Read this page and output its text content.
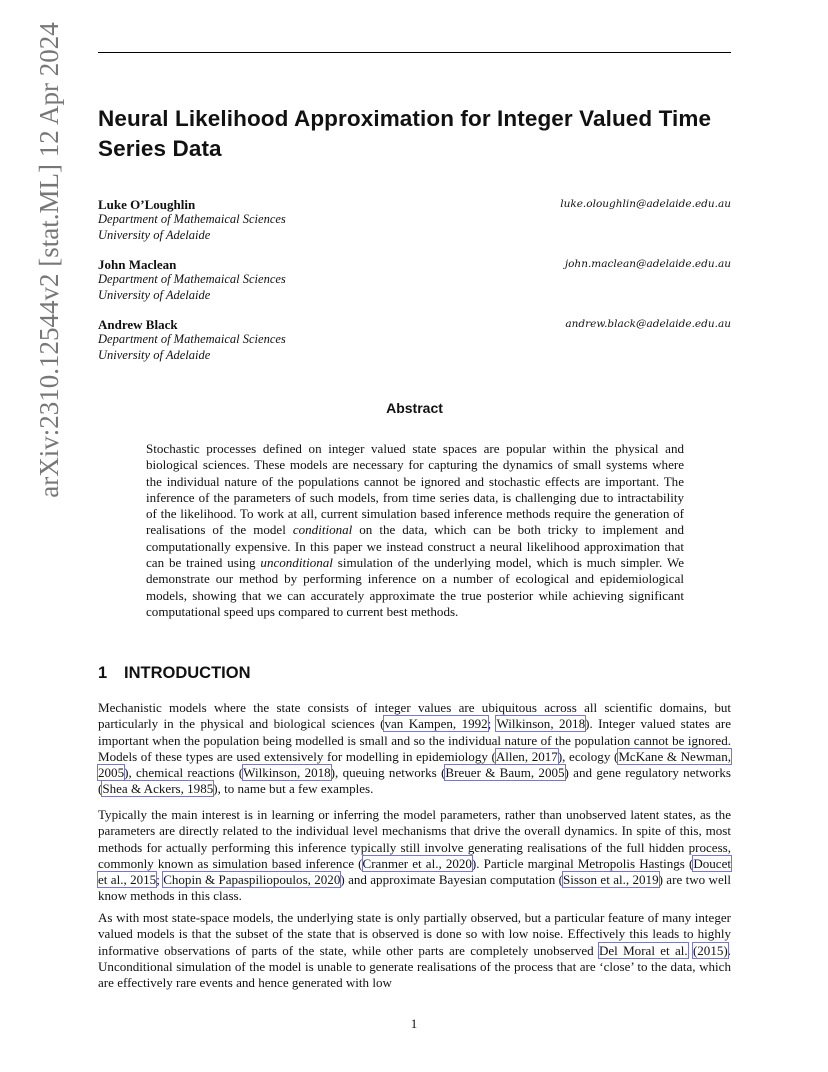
arXiv:2310.12544v2 [stat.ML] 12 Apr 2024 Neural Likelihood Approximation for Integer Valued Time Series Data
Luke O’Loughlin	luke.oloughlin@adelaide.edu.au
Department of Mathemaical Sciences
University of Adelaide
John Maclean	john.maclean@adelaide.edu.au
Department of Mathemaical Sciences
University of Adelaide
Andrew Black	andrew.black@adelaide.edu.au
Department of Mathemaical Sciences
University of Adelaide
Abstract
Stochastic processes defined on integer valued state spaces are popular within the physical and biological sciences. These models are necessary for capturing the dynamics of small systems where the individual nature of the populations cannot be ignored and stochastic effects are important. The inference of the parameters of such models, from time series data, is challenging due to intractability of the likelihood. To work at all, current simulation based inference methods require the generation of realisations of the model conditional on the data, which can be both tricky to implement and computationally expensive. In this paper we instead construct a neural likelihood approximation that can be trained using unconditional simulation of the underlying model, which is much simpler. We demonstrate our method by performing inference on a number of ecological and epidemiological models, showing that we can accurately approximate the true posterior while achieving significant computational speed ups compared to current best methods.
1 INTRODUCTION
Mechanistic models where the state consists of integer values are ubiquitous across all scientific domains, but particularly in the physical and biological sciences (van Kampen, 1992; Wilkinson, 2018). Integer valued states are important when the population being modelled is small and so the individual nature of the population cannot be ignored. Models of these types are used extensively for modelling in epidemiology (Allen, 2017), ecology (McKane & Newman, 2005), chemical reactions (Wilkinson, 2018), queuing networks (Breuer & Baum, 2005) and gene regulatory networks (Shea & Ackers, 1985), to name but a few examples.
Typically the main interest is in learning or inferring the model parameters, rather than unobserved latent states, as the parameters are directly related to the individual level mechanisms that drive the overall dynamics. In spite of this, most methods for actually performing this inference typically still involve generating realisations of the full hidden process, commonly known as simulation based inference (Cranmer et al., 2020). Particle marginal Metropolis Hastings (Doucet et al., 2015; Chopin & Papaspiliopoulos, 2020) and approximate Bayesian computation (Sisson et al., 2019) are two well know methods in this class.
As with most state-space models, the underlying state is only partially observed, but a particular feature of many integer valued models is that the subset of the state that is observed is done so with low noise. Effectively this leads to highly informative observations of parts of the state, while other parts are completely unobserved Del Moral et al. (2015). Unconditional simulation of the model is unable to generate realisations of the process that are ‘close’ to the data, which are effectively rare events and hence generated with low
1
